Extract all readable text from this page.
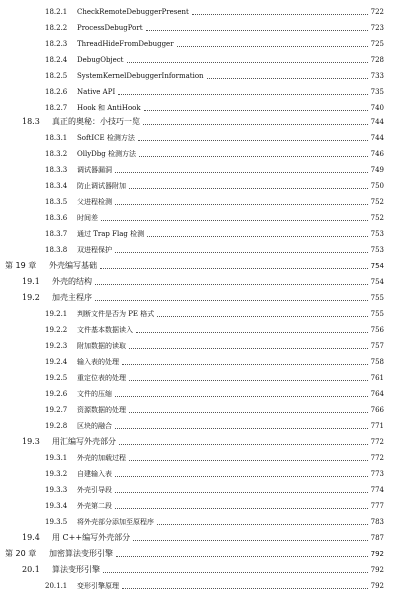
18.2.1	CheckRemoteDebuggerPresent	722
18.2.2	ProcessDebugPort	723
18.2.3	ThreadHideFromDebugger	725
18.2.4	DebugObject	728
18.2.5	SystemKernelDebuggerInformation	733
18.2.6	Native API	735
18.2.7	Hook 和 AntiHook	740
18.3	真正的奥秘：小技巧一览	744
18.3.1	SoftICE 检测方法	744
18.3.2	OllyDbg 检测方法	746
18.3.3	调试器漏洞	749
18.3.4	防止调试器附加	750
18.3.5	父进程检测	752
18.3.6	时间差	752
18.3.7	通过 Trap Flag 检测	753
18.3.8	双进程保护	753
第 19 章	外壳编写基础	754
19.1	外壳的结构	754
19.2	加壳主程序	755
19.2.1	判断文件是否为 PE 格式	755
19.2.2	文件基本数据读入	756
19.2.3	附加数据的读取	757
19.2.4	输入表的处理	758
19.2.5	重定位表的处理	761
19.2.6	文件的压缩	764
19.2.7	资源数据的处理	766
19.2.8	区块的融合	771
19.3	用汇编写外壳部分	772
19.3.1	外壳的加载过程	772
19.3.2	自建输入表	773
19.3.3	外壳引导段	774
19.3.4	外壳第二段	777
19.3.5	将外壳部分添加至原程序	783
19.4	用 C++编写外壳部分	787
第 20 章	加密算法变形引擎	792
20.1	算法变形引擎	792
20.1.1	变形引擎原理	792
